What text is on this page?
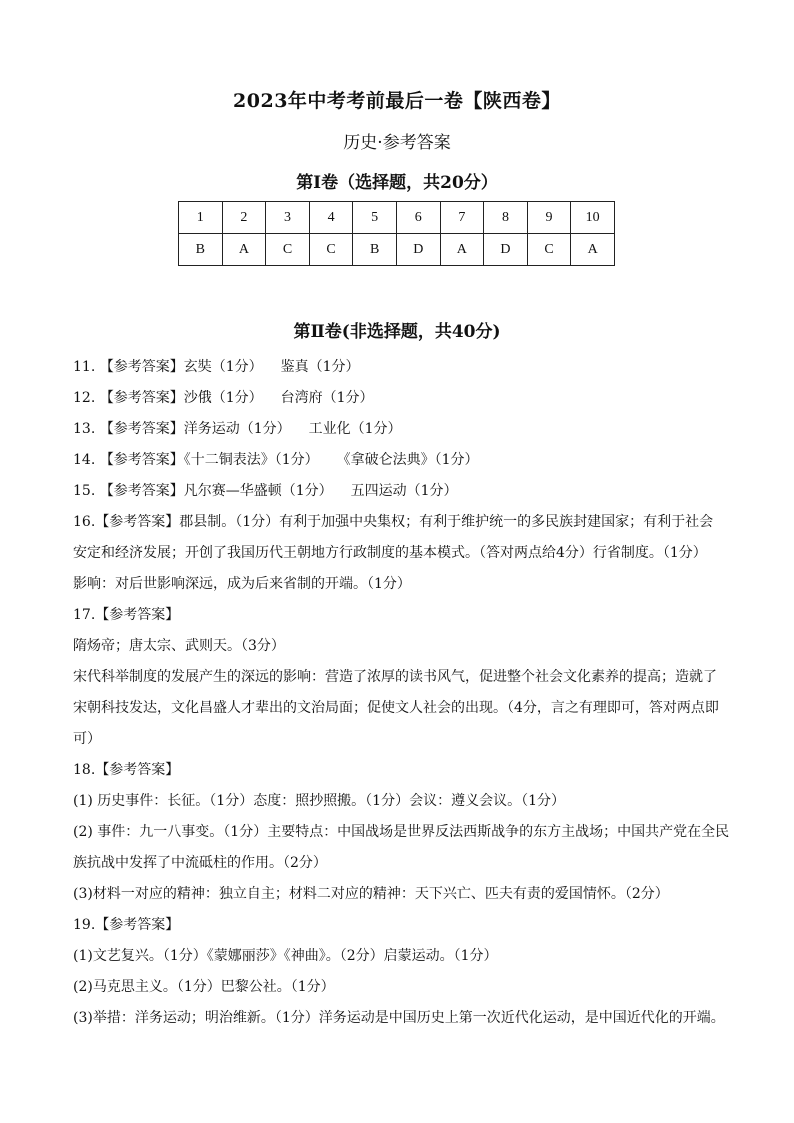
2023年中考考前最后一卷【陕西卷】
历史·参考答案
第Ⅰ卷（选择题，共20分）
1	2	3	4	5	6	7	8	9	10
B	A	C	C	B	D	A	D	C	A
第Ⅱ卷(非选择题，共40分)
11. 【参考答案】玄奘（1分） 鉴真（1分）
12. 【参考答案】沙俄（1分） 台湾府（1分）
13. 【参考答案】洋务运动（1分） 工业化（1分）
14. 【参考答案】《十二铜表法》（1分） 《拿破仑法典》（1分）
15. 【参考答案】凡尔赛—华盛顿（1分） 五四运动（1分）
16.【参考答案】郡县制。（1分）有利于加强中央集权；有利于维护统一的多民族封建国家；有利于社会
安定和经济发展；开创了我国历代王朝地方行政制度的基本模式。（答对两点给4分）行省制度。（1分）
影响：对后世影响深远，成为后来省制的开端。（1分）
17.【参考答案】
隋炀帝；唐太宗、武则天。（3分）
宋代科举制度的发展产生的深远的影响：营造了浓厚的读书风气，促进整个社会文化素养的提高；造就了
宋朝科技发达，文化昌盛人才辈出的文治局面；促使文人社会的出现。（4分，言之有理即可，答对两点即
可）
18.【参考答案】
(1) 历史事件：长征。（1分）态度：照抄照搬。（1分）会议：遵义会议。（1分）
(2) 事件：九一八事变。（1分）主要特点：中国战场是世界反法西斯战争的东方主战场；中国共产党在全民
族抗战中发挥了中流砥柱的作用。（2分）
(3)材料一对应的精神：独立自主；材料二对应的精神：天下兴亡、匹夫有责的爱国情怀。（2分）
19.【参考答案】
(1)文艺复兴。（1分）《蒙娜丽莎》《神曲》。（2分）启蒙运动。（1分）
(2)马克思主义。（1分）巴黎公社。（1分）
(3)举措：洋务运动；明治维新。（1分）洋务运动是中国历史上第一次近代化运动，是中国近代化的开端。
